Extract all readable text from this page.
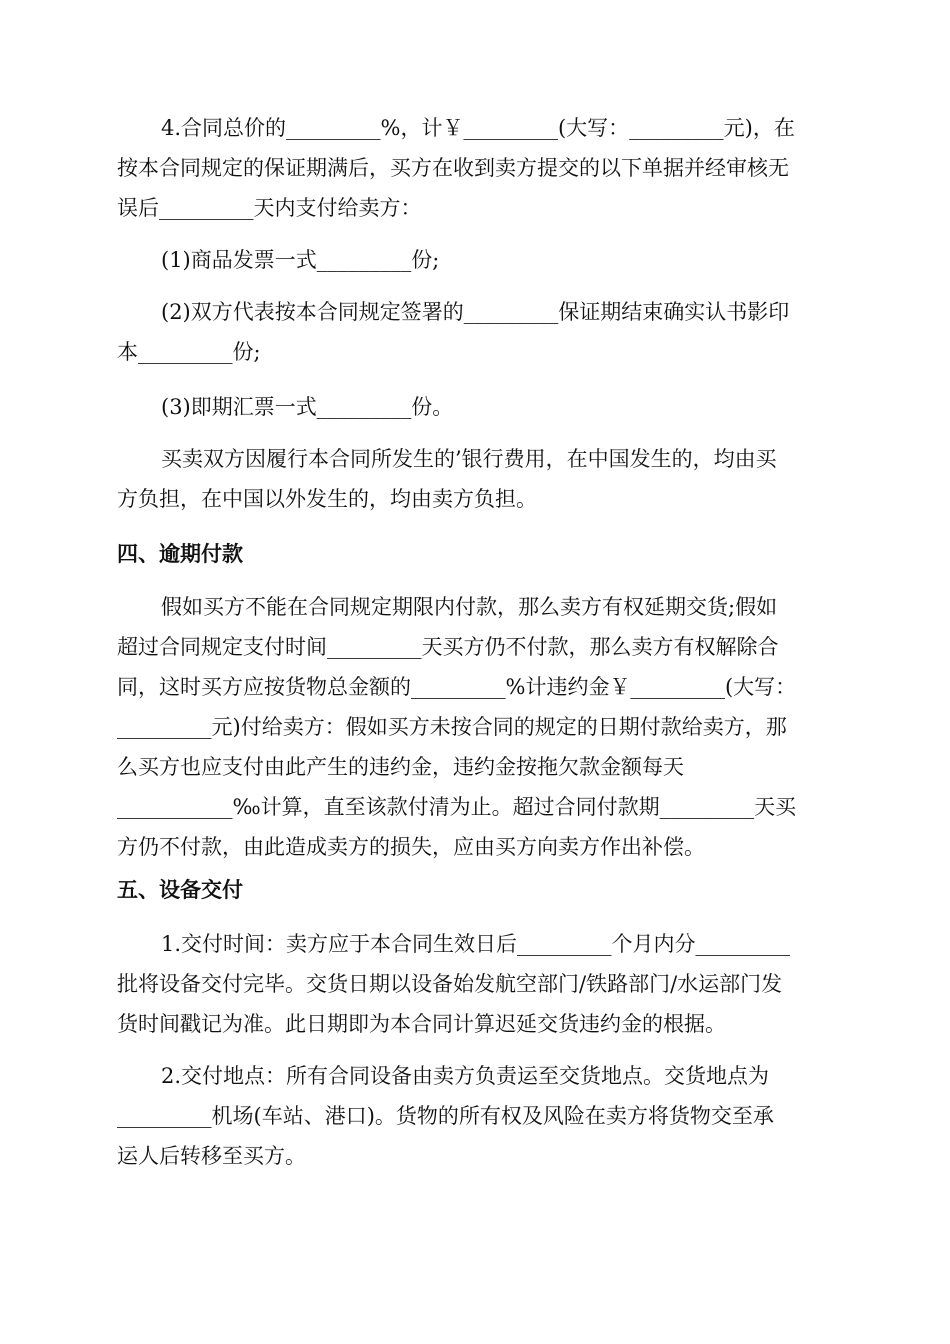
4.合同总价的_________%，计￥_________(大写：_________元)，在
按本合同规定的保证期满后，买方在收到卖方提交的以下单据并经审核无
误后_________天内支付给卖方：
(1)商品发票一式_________份;
(2)双方代表按本合同规定签署的_________保证期结束确实认书影印
本_________份;
(3)即期汇票一式_________份。
买卖双方因履行本合同所发生的’银行费用，在中国发生的，均由买
方负担，在中国以外发生的，均由卖方负担。
四、逾期付款
假如买方不能在合同规定期限内付款，那么卖方有权延期交货;假如
超过合同规定支付时间_________天买方仍不付款，那么卖方有权解除合
同，这时买方应按货物总金额的_________%计违约金￥_________(大写：
_________元)付给卖方：假如买方未按合同的规定的日期付款给卖方，那
么买方也应支付由此产生的违约金，违约金按拖欠款金额每天
___________‰计算，直至该款付清为止。超过合同付款期_________天买
方仍不付款，由此造成卖方的损失，应由买方向卖方作出补偿。
五、设备交付
1.交付时间：卖方应于本合同生效日后_________个月内分_________
批将设备交付完毕。交货日期以设备始发航空部门/铁路部门/水运部门发
货时间戳记为准。此日期即为本合同计算迟延交货违约金的根据。
2.交付地点：所有合同设备由卖方负责运至交货地点。交货地点为
_________机场(车站、港口)。货物的所有权及风险在卖方将货物交至承
运人后转移至买方。
